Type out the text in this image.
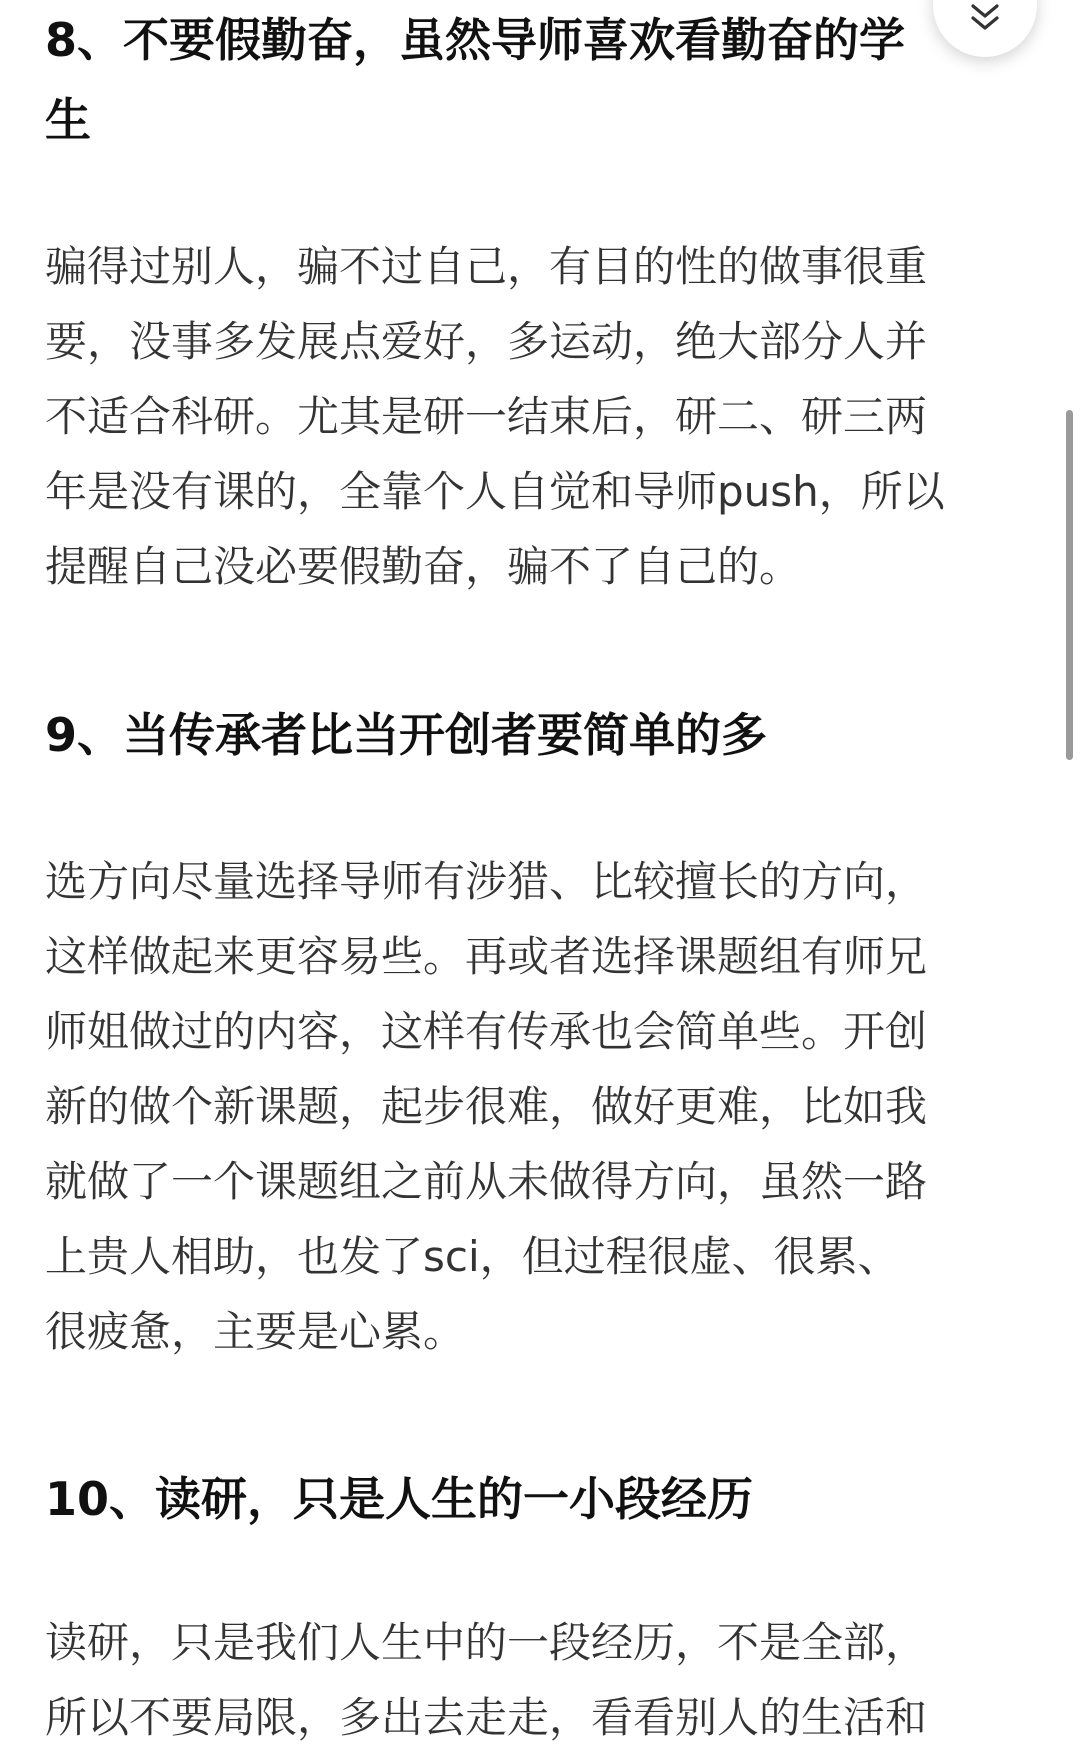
8、不要假勤奋，虽然导师喜欢看勤奋的学
生

骗得过别人，骗不过自己，有目的性的做事很重
要，没事多发展点爱好，多运动，绝大部分人并
不适合科研。尤其是研一结束后，研二、研三两
年是没有课的，全靠个人自觉和导师push，所以
提醒自己没必要假勤奋，骗不了自己的。

9、当传承者比当开创者要简单的多

选方向尽量选择导师有涉猎、比较擅长的方向，
这样做起来更容易些。再或者选择课题组有师兄
师姐做过的内容，这样有传承也会简单些。开创
新的做个新课题，起步很难，做好更难，比如我
就做了一个课题组之前从未做得方向，虽然一路
上贵人相助，也发了sci，但过程很虚、很累、
很疲惫，主要是心累。

10、读研，只是人生的一小段经历

读研，只是我们人生中的一段经历，不是全部，
所以不要局限，多出去走走，看看别人的生活和
